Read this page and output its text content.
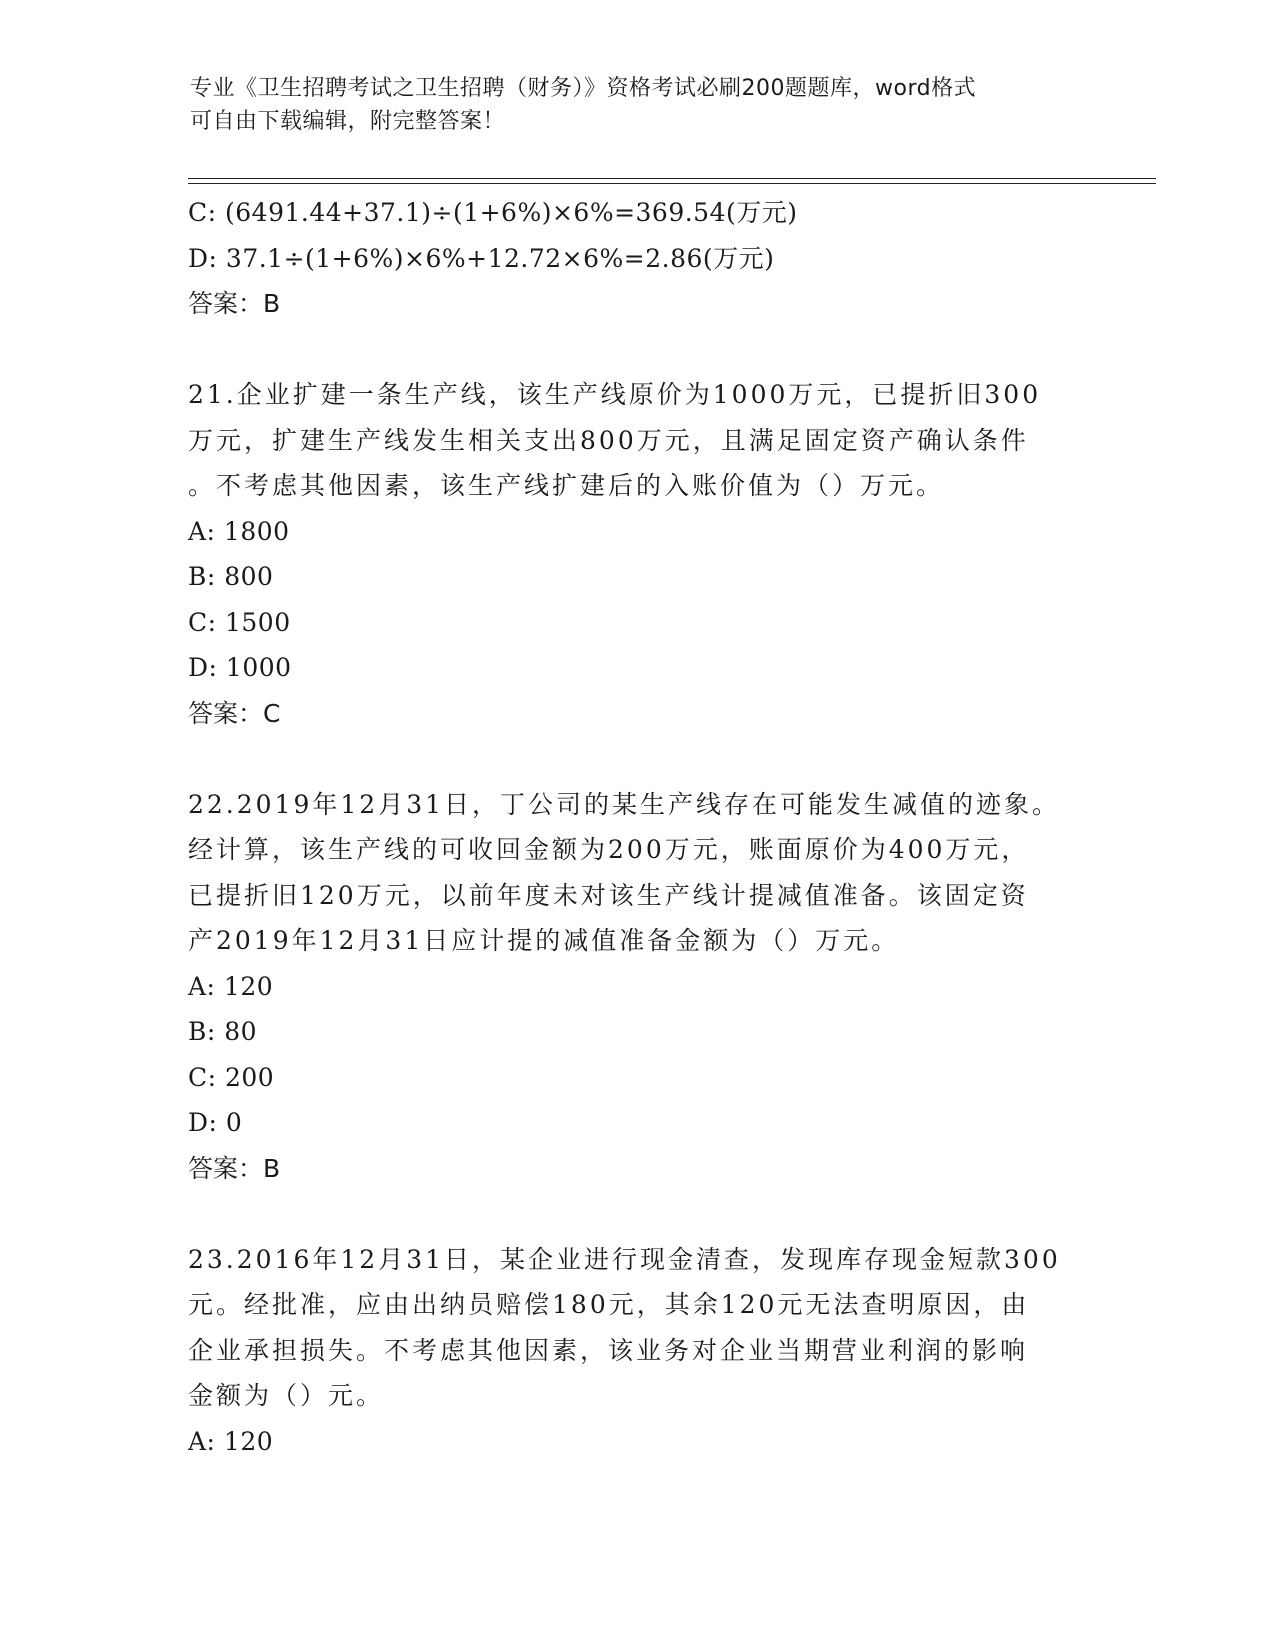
专业《卫生招聘考试之卫生招聘（财务）》资格考试必刷200题题库，word格式
可自由下载编辑，附完整答案！
C: (6491.44+37.1)÷(1+6%)×6%=369.54(万元)
D: 37.1÷(1+6%)×6%+12.72×6%=2.86(万元)
答案：B
21.企业扩建一条生产线，该生产线原价为1000万元，已提折旧300
万元，扩建生产线发生相关支出800万元，且满足固定资产确认条件
。不考虑其他因素，该生产线扩建后的入账价值为（）万元。
A: 1800
B: 800
C: 1500
D: 1000
答案：C
22.2019年12月31日，丁公司的某生产线存在可能发生减值的迹象。
经计算，该生产线的可收回金额为200万元，账面原价为400万元，
已提折旧120万元，以前年度未对该生产线计提减值准备。该固定资
产2019年12月31日应计提的减值准备金额为（）万元。
A: 120
B: 80
C: 200
D: 0
答案：B
23.2016年12月31日，某企业进行现金清查，发现库存现金短款300
元。经批准，应由出纳员赔偿180元，其余120元无法查明原因，由
企业承担损失。不考虑其他因素，该业务对企业当期营业利润的影响
金额为（）元。
A: 120
